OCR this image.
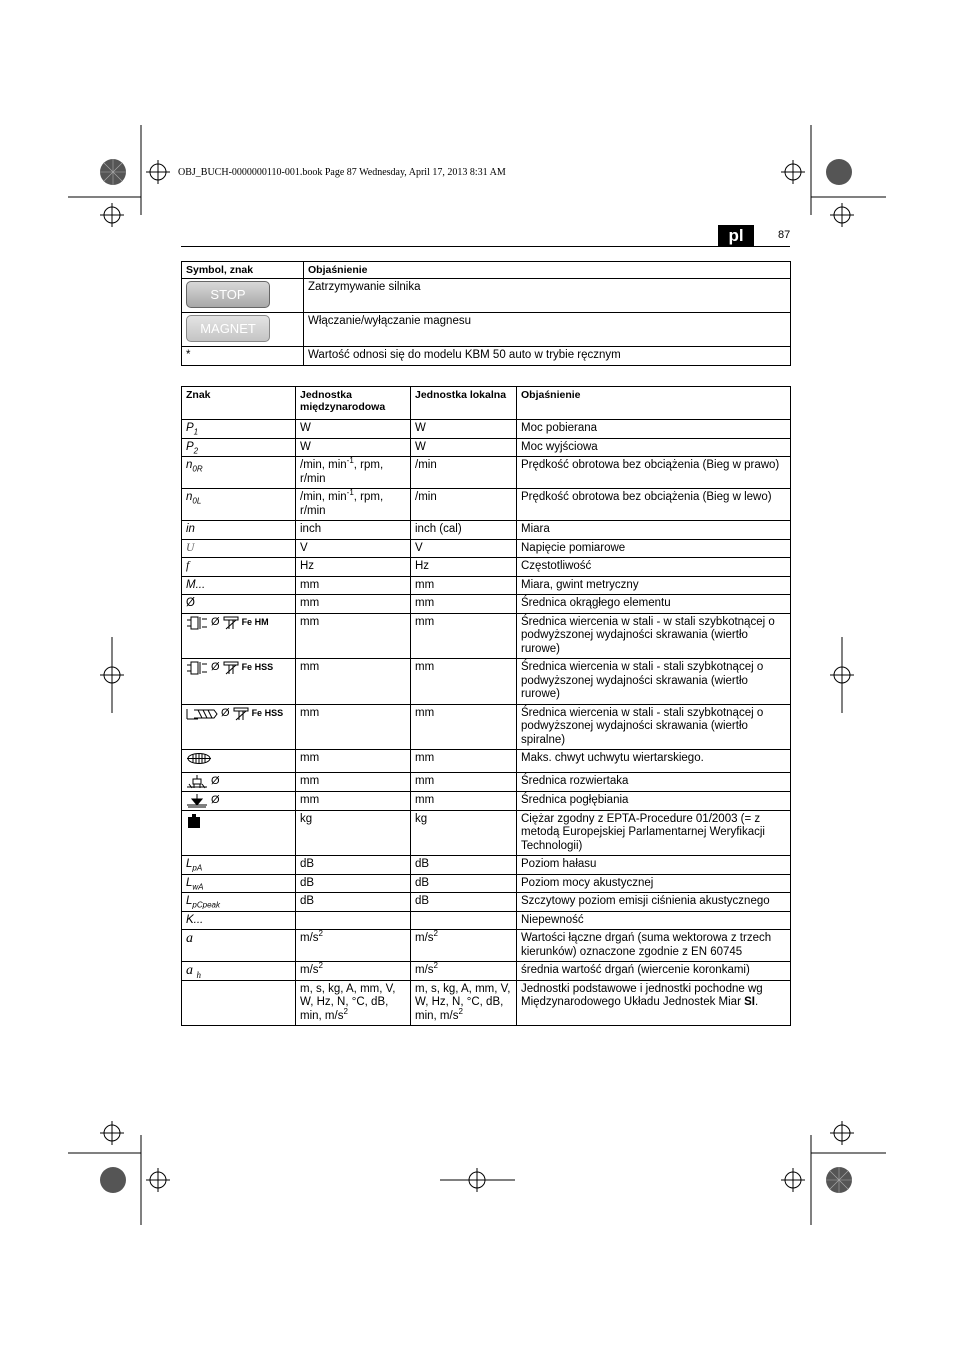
OBJ_BUCH-0000000110-001.book Page 87 Wednesday, April 17, 2013 8:31 AM
pl	87
Symbol, znak	Objaśnienie
STOP	Zatrzymywanie silnika
MAGNET	Włączanie/wyłączanie magnesu
*	Wartość odnosi się do modelu KBM 50 auto w trybie ręcznym
Znak	Jednostka międzynarodowa	Jednostka lokalna	Objaśnienie
$P_1$	W	W	Moc pobierana
$P_2$	W	W	Moc wyjściowa
$n_{0R}$	/min, $\min^{-1}$, rpm, r/min	/min	Prędkość obrotowa bez obciążenia (Bieg w prawo)
$n_{0L}$	/min, $\min^{-1}$, rpm, r/min	/min	Prędkość obrotowa bez obciążenia (Bieg w lewo)
in	inch	inch (cal)	Miara
U	V	V	Napięcie pomiarowe
f	Hz	Hz	Częstotliwość
M...	mm	mm	Miara, gwint metryczny
Ø	mm	mm	Średnica okrągłego elementu

Ø Fe HM	mm	mm	Średnica wiercenia w stali - w stali szybkotnącej o podwyższonej wydajności skrawania (wiertło rurowe)

Ø Fe HSS	mm	mm	Średnica wiercenia w stali - stali szybkotnącej o podwyższonej wydajności skrawania (wiertło rurowe)

Ø Fe HSS	mm	mm	Średnica wiercenia w stali - stali szybkotnącej o podwyższonej wydajności skrawania (wiertło spiralne)
	mm	mm	Maks. chwyt uchwytu wiertarskiego.

Ø	mm	mm	Średnica rozwiertaka

Ø	mm	mm	Średnica pogłębiania
	kg	kg	Ciężar zgodny z EPTA-Procedure 01/2003 (= z metodą Europejskiej Parlamentarnej Weryfikacji Technologii)
$L_{pA}$	dB	dB	Poziom hałasu
$L_{wA}$	dB	dB	Poziom mocy akustycznej
$L_{pCpeak}$	dB	dB	Szczytowy poziom emisji ciśnienia akustycznego
K...			Niepewność
a	$m/s^2$	$m/s^2$	Wartości łączne drgań (suma wektorowa z trzech kierunków) oznaczone zgodnie z EN 60745
a $_h$	$m/s^2$	$m/s^2$	średnia wartość drgań (wiercenie koronkami)
	m, s, kg, A, mm, V, W, Hz, N, °C, dB, min, $m/s^2$	m, s, kg, A, mm, V, W, Hz, N, °C, dB, min, $m/s^2$	Jednostki podstawowe i jednostki pochodne wg Międzynarodowego Układu Jednostek Miar SI.
